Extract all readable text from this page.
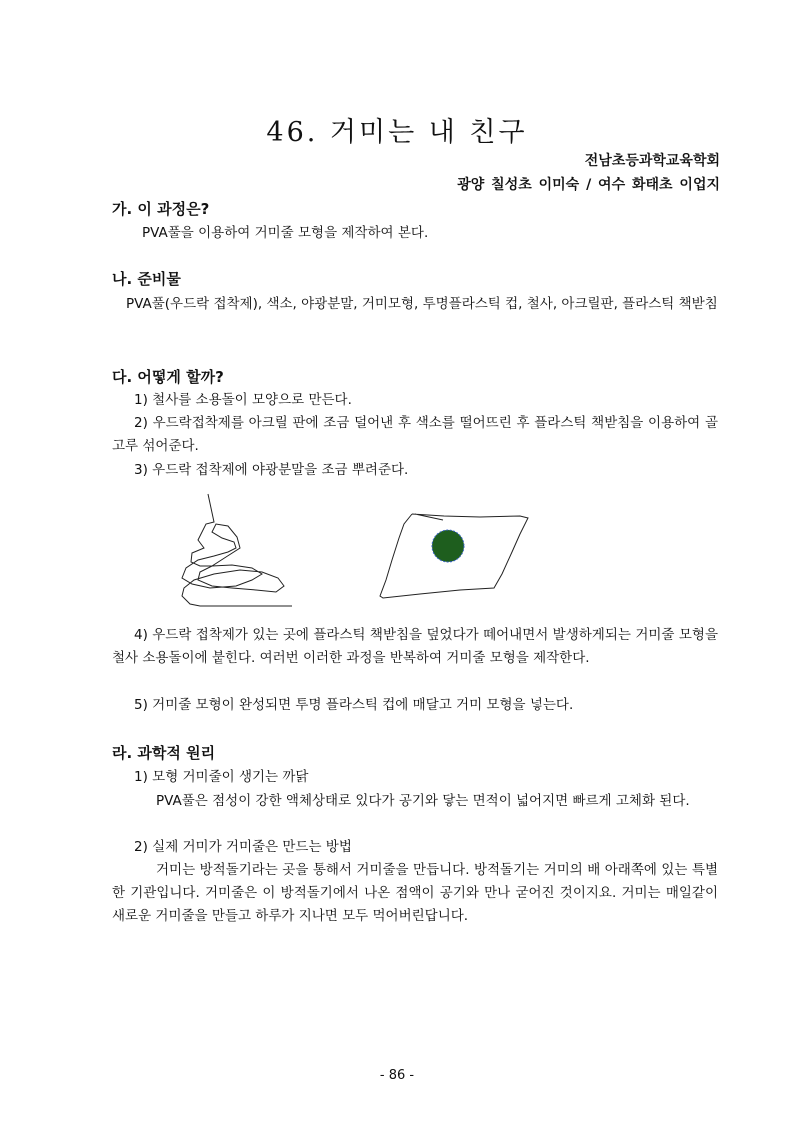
46. 거미는 내 친구
전남초등과학교육학회
광양 칠성초 이미숙 / 여수 화태초 이업지
가. 이 과정은?
PVA풀을 이용하여 거미줄 모형을 제작하여 본다.
나. 준비물
PVA풀(우드락 접착제), 색소, 야광분말, 거미모형, 투명플라스틱 컵, 철사, 아크릴판, 플라스틱 책받침
다. 어떻게 할까?
1) 철사를 소용돌이 모양으로 만든다.
2) 우드락접착제를 아크릴 판에 조금 덜어낸 후 색소를 떨어뜨린 후 플라스틱 책받침을 이용하여 골고루 섞어준다.
3) 우드락 접착제에 야광분말을 조금 뿌려준다.
4) 우드락 접착제가 있는 곳에 플라스틱 책받침을 덮었다가 떼어내면서 발생하게되는 거미줄 모형을 철사 소용돌이에 붙힌다. 여러번 이러한 과정을 반복하여 거미줄 모형을 제작한다.
5) 거미줄 모형이 완성되면 투명 플라스틱 컵에 매달고 거미 모형을 넣는다.
라. 과학적 원리
1) 모형 거미줄이 생기는 까닭
PVA풀은 점성이 강한 액체상태로 있다가 공기와 닿는 면적이 넓어지면 빠르게 고체화 된다.
2) 실제 거미가 거미줄은 만드는 방법
거미는 방적돌기라는 곳을 통해서 거미줄을 만듭니다. 방적돌기는 거미의 배 아래쪽에 있는 특별한 기관입니다. 거미줄은 이 방적돌기에서 나온 점액이 공기와 만나 굳어진 것이지요. 거미는 매일같이 새로운 거미줄을 만들고 하루가 지나면 모두 먹어버린답니다.
- 86 -
